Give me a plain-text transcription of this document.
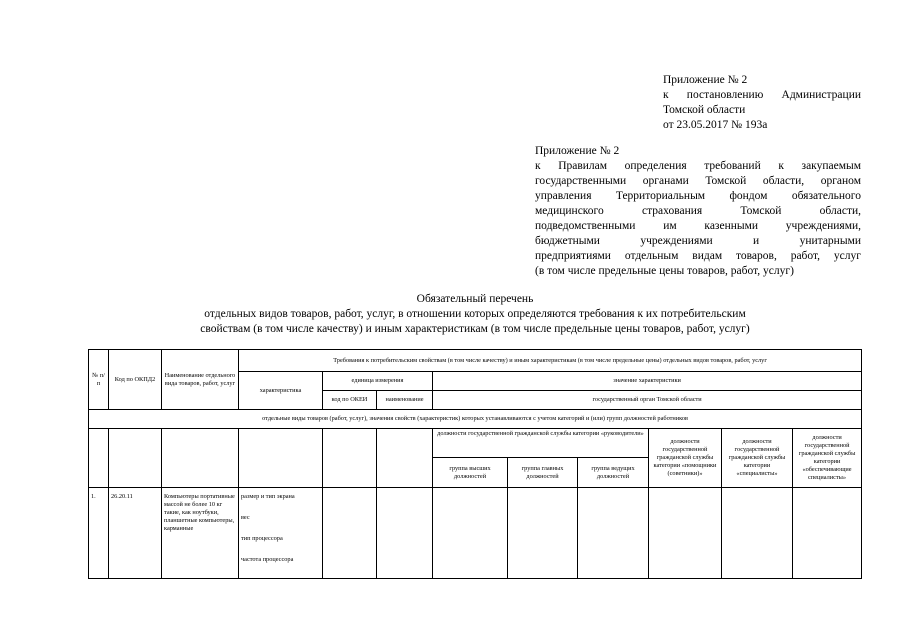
Приложение № 2
к постановлению Администрации
Томской области
от 23.05.2017 № 193а
Приложение № 2
к Правилам определения требований к закупаемым
государственными органами Томской области, органом
управления Территориальным фондом обязательного
медицинского страхования Томской области,
подведомственными им казенными учреждениями,
бюджетными учреждениями и унитарными
предприятиями отдельным видам товаров, работ, услуг
(в том числе предельные цены товаров, работ, услуг)
Обязательный перечень
отдельных видов товаров, работ, услуг, в отношении которых определяются требования к их потребительским
свойствам (в том числе качеству) и иным характеристикам (в том числе предельные цены товаров, работ, услуг)
№ п/п	Код по ОКПД2	Наименование отдельного вида товаров, работ, услуг	Требования к потребительским свойствам (в том числе качеству) и иным характеристикам (в том числе предельные цены) отдельных видов товаров, работ, услуг								
			характеристика	единица измерения		значение характеристики					
				код по ОКЕИ	наименование	государственный орган Томской области					
отдельные виды товаров (работ, услуг), значения свойств (характеристик) которых устанавливаются с учетом категорий и (или) групп должностей работников											
						должности государственной гражданской службы категории «руководители»			должности государственной гражданской службы категории «помощники (советники)»	должности государственной гражданской службы категории «специалисты»	должности государственной гражданской службы категории «обеспечивающие специалисты»
						группа высших должностей	группа главных должностей	группа ведущих должностей			
1.	26.20.11	Компьютеры портативные массой не более 10 кг такие, как ноутбуки, планшетные компьютеры, карманные	размер и тип экрана
вес
тип процессора
частота процессора								
